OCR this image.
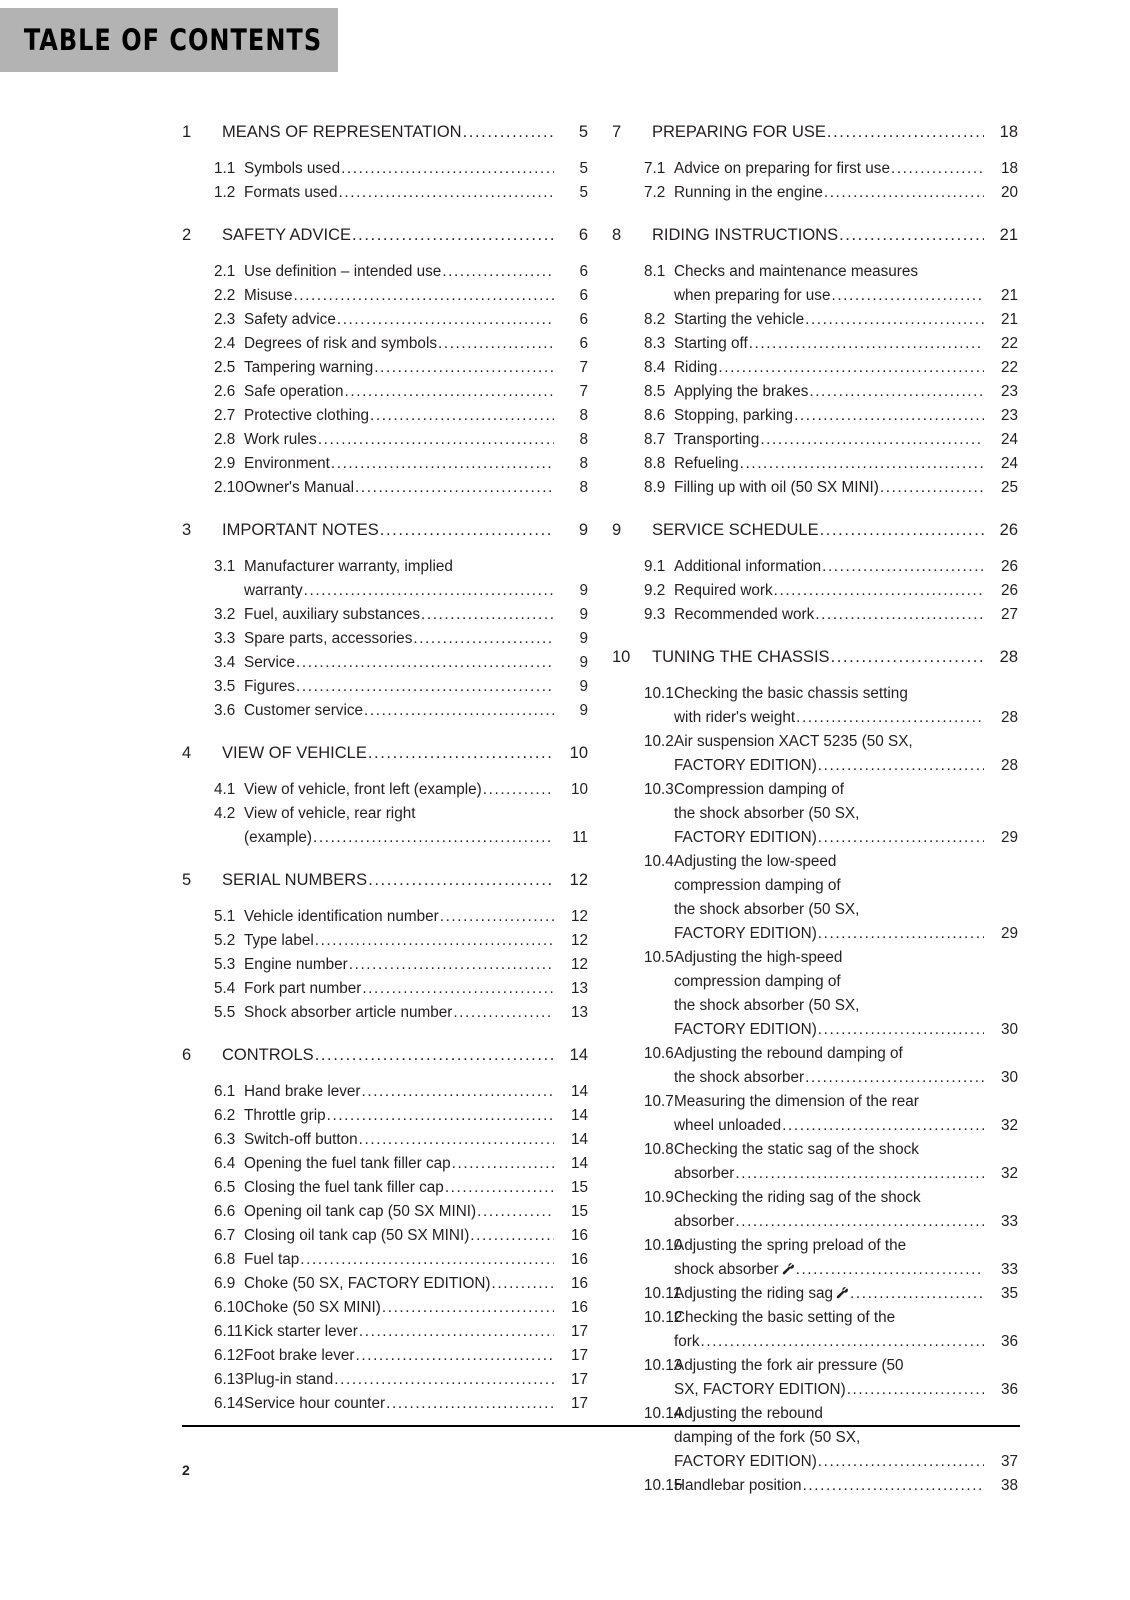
TABLE OF CONTENTS
1	MEANS OF REPRESENTATION .....	5
1.1 Symbols used .....	5
1.2 Formats used .....	5
2	SAFETY ADVICE .....	6
2.1 Use definition – intended use .....	6
2.2 Misuse .....	6
2.3 Safety advice .....	6
2.4 Degrees of risk and symbols .....	6
2.5 Tampering warning .....	7
2.6 Safe operation .....	7
2.7 Protective clothing .....	8
2.8 Work rules .....	8
2.9 Environment .....	8
2.10 Owner's Manual .....	8
3	IMPORTANT NOTES .....	9
3.1 Manufacturer warranty, implied
warranty .....	9
3.2 Fuel, auxiliary substances .....	9
3.3 Spare parts, accessories .....	9
3.4 Service .....	9
3.5 Figures .....	9
3.6 Customer service .....	9
4	VIEW OF VEHICLE .....	10
4.1 View of vehicle, front left (example) .....	10
4.2 View of vehicle, rear right
(example) .....	11
5	SERIAL NUMBERS .....	12
5.1 Vehicle identification number .....	12
5.2 Type label .....	12
5.3 Engine number .....	12
5.4 Fork part number .....	13
5.5 Shock absorber article number .....	13
6	CONTROLS .....	14
6.1 Hand brake lever .....	14
6.2 Throttle grip .....	14
6.3 Switch-off button .....	14
6.4 Opening the fuel tank filler cap .....	14
6.5 Closing the fuel tank filler cap .....	15
6.6 Opening oil tank cap (50 SX MINI) .....	15
6.7 Closing oil tank cap (50 SX MINI) .....	16
6.8 Fuel tap .....	16
6.9 Choke (50 SX, FACTORY EDITION) .....	16
6.10 Choke (50 SX MINI) .....	16
6.11 Kick starter lever .....	17
6.12 Foot brake lever .....	17
6.13 Plug-in stand .....	17
6.14 Service hour counter .....	17
7	PREPARING FOR USE .....	18
7.1 Advice on preparing for first use .....	18
7.2 Running in the engine .....	20
8	RIDING INSTRUCTIONS .....	21
8.1 Checks and maintenance measures
when preparing for use .....	21
8.2 Starting the vehicle .....	21
8.3 Starting off .....	22
8.4 Riding .....	22
8.5 Applying the brakes .....	23
8.6 Stopping, parking .....	23
8.7 Transporting .....	24
8.8 Refueling .....	24
8.9 Filling up with oil (50 SX MINI) .....	25
9	SERVICE SCHEDULE .....	26
9.1 Additional information .....	26
9.2 Required work .....	26
9.3 Recommended work .....	27
10	TUNING THE CHASSIS .....	28
10.1 Checking the basic chassis setting
with rider's weight .....	28
10.2 Air suspension XACT 5235 (50 SX,
FACTORY EDITION) .....	28
10.3 Compression damping of
the shock absorber (50 SX,
FACTORY EDITION) .....	29
10.4 Adjusting the low-speed
compression damping of
the shock absorber (50 SX,
FACTORY EDITION) .....	29
10.5 Adjusting the high-speed
compression damping of
the shock absorber (50 SX,
FACTORY EDITION) .....	30
10.6 Adjusting the rebound damping of
the shock absorber .....	30
10.7 Measuring the dimension of the rear
wheel unloaded .....	32
10.8 Checking the static sag of the shock
absorber .....	32
10.9 Checking the riding sag of the shock
absorber .....	33
10.10
Adjusting the spring preload of the
shock absorber .....	33
10.11
Adjusting the riding sag .....	35
10.12
Checking the basic setting of the
fork .....	36
10.13
Adjusting the fork air pressure (50
SX, FACTORY EDITION) .....	36
10.14
Adjusting the rebound
damping of the fork (50 SX,
FACTORY EDITION) .....	37
10.15
Handlebar position .....	38
2
